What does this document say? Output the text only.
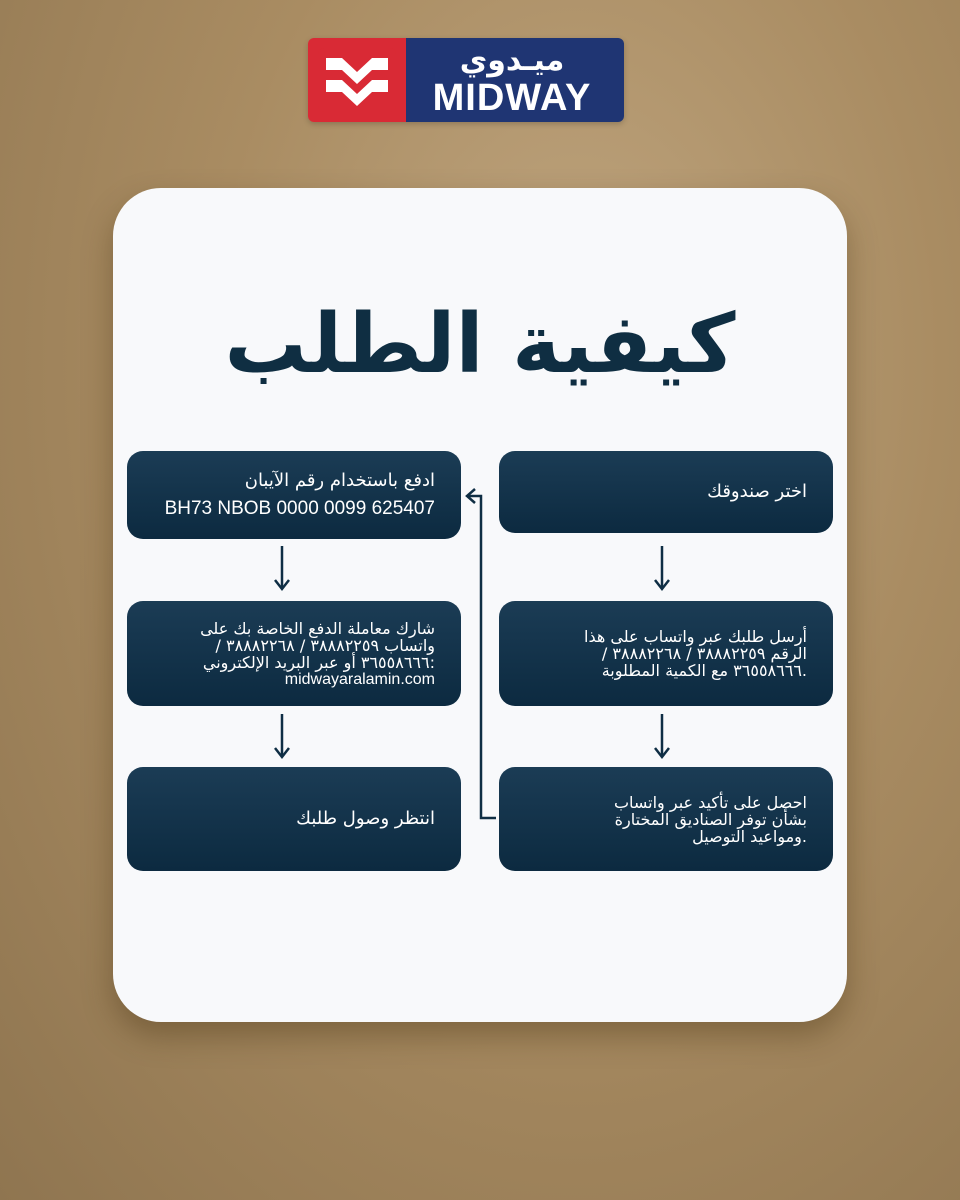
ميـدوي
MIDWAY
كيفية الطلب
اختر صندوقك
أرسل طلبك عبر واتساب على هذا
الرقم ٣٨٨٨٢٢٥٩ / ٣٨٨٨٢٢٦٨ /
.٣٦٥٥٨٦٦٦ مع الكمية المطلوبة
احصل على تأكيد عبر واتساب
بشأن توفر الصناديق المختارة
.ومواعيد التوصيل
ادفع باستخدام رقم الآيبان
BH73 NBOB 0000 0099 625407
شارك معاملة الدفع الخاصة بك على
واتساب ٣٨٨٨٢٢٥٩ / ٣٨٨٨٢٢٦٨ /
:٣٦٥٥٨٦٦٦ أو عبر البريد الإلكتروني
midwayaralamin.com
انتظر وصول طلبك
